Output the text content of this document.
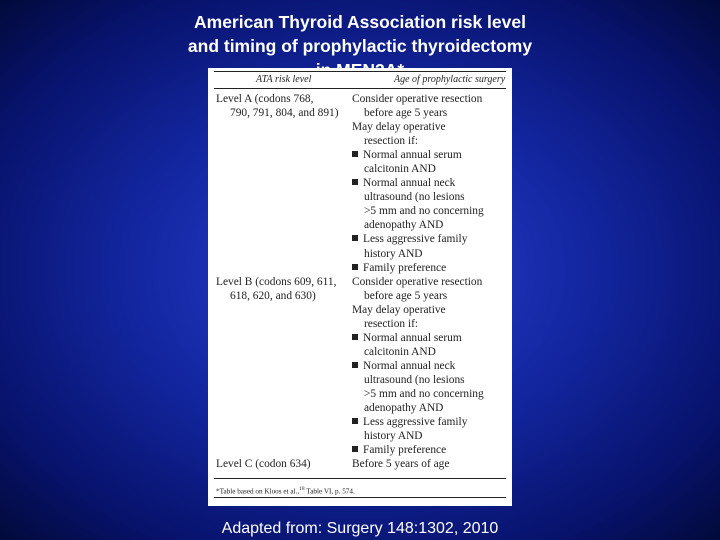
American Thyroid Association risk level
and timing of prophylactic thyroidectomy
ATA risk level	Age of prophylactic surgery
Level A (codons 768,
790, 791, 804, and 891)
Consider operative resection
before age 5 years
May delay operative
resection if:
Normal annual serum
calcitonin AND
Normal annual neck
ultrasound (no lesions
>5 mm and no concerning
adenopathy AND
Less aggressive family
history AND
Family preference
Level B (codons 609, 611,
618, 620, and 630)
Consider operative resection
before age 5 years
May delay operative
resection if:
Normal annual serum
calcitonin AND
Normal annual neck
ultrasound (no lesions
>5 mm and no concerning
adenopathy AND
Less aggressive family
history AND
Family preference
Level C (codon 634)	Before 5 years of age
*Table based on Kloos et al.,$^{18}$ Table VI, p. 574.
Adapted from: Surgery 148:1302, 2010
